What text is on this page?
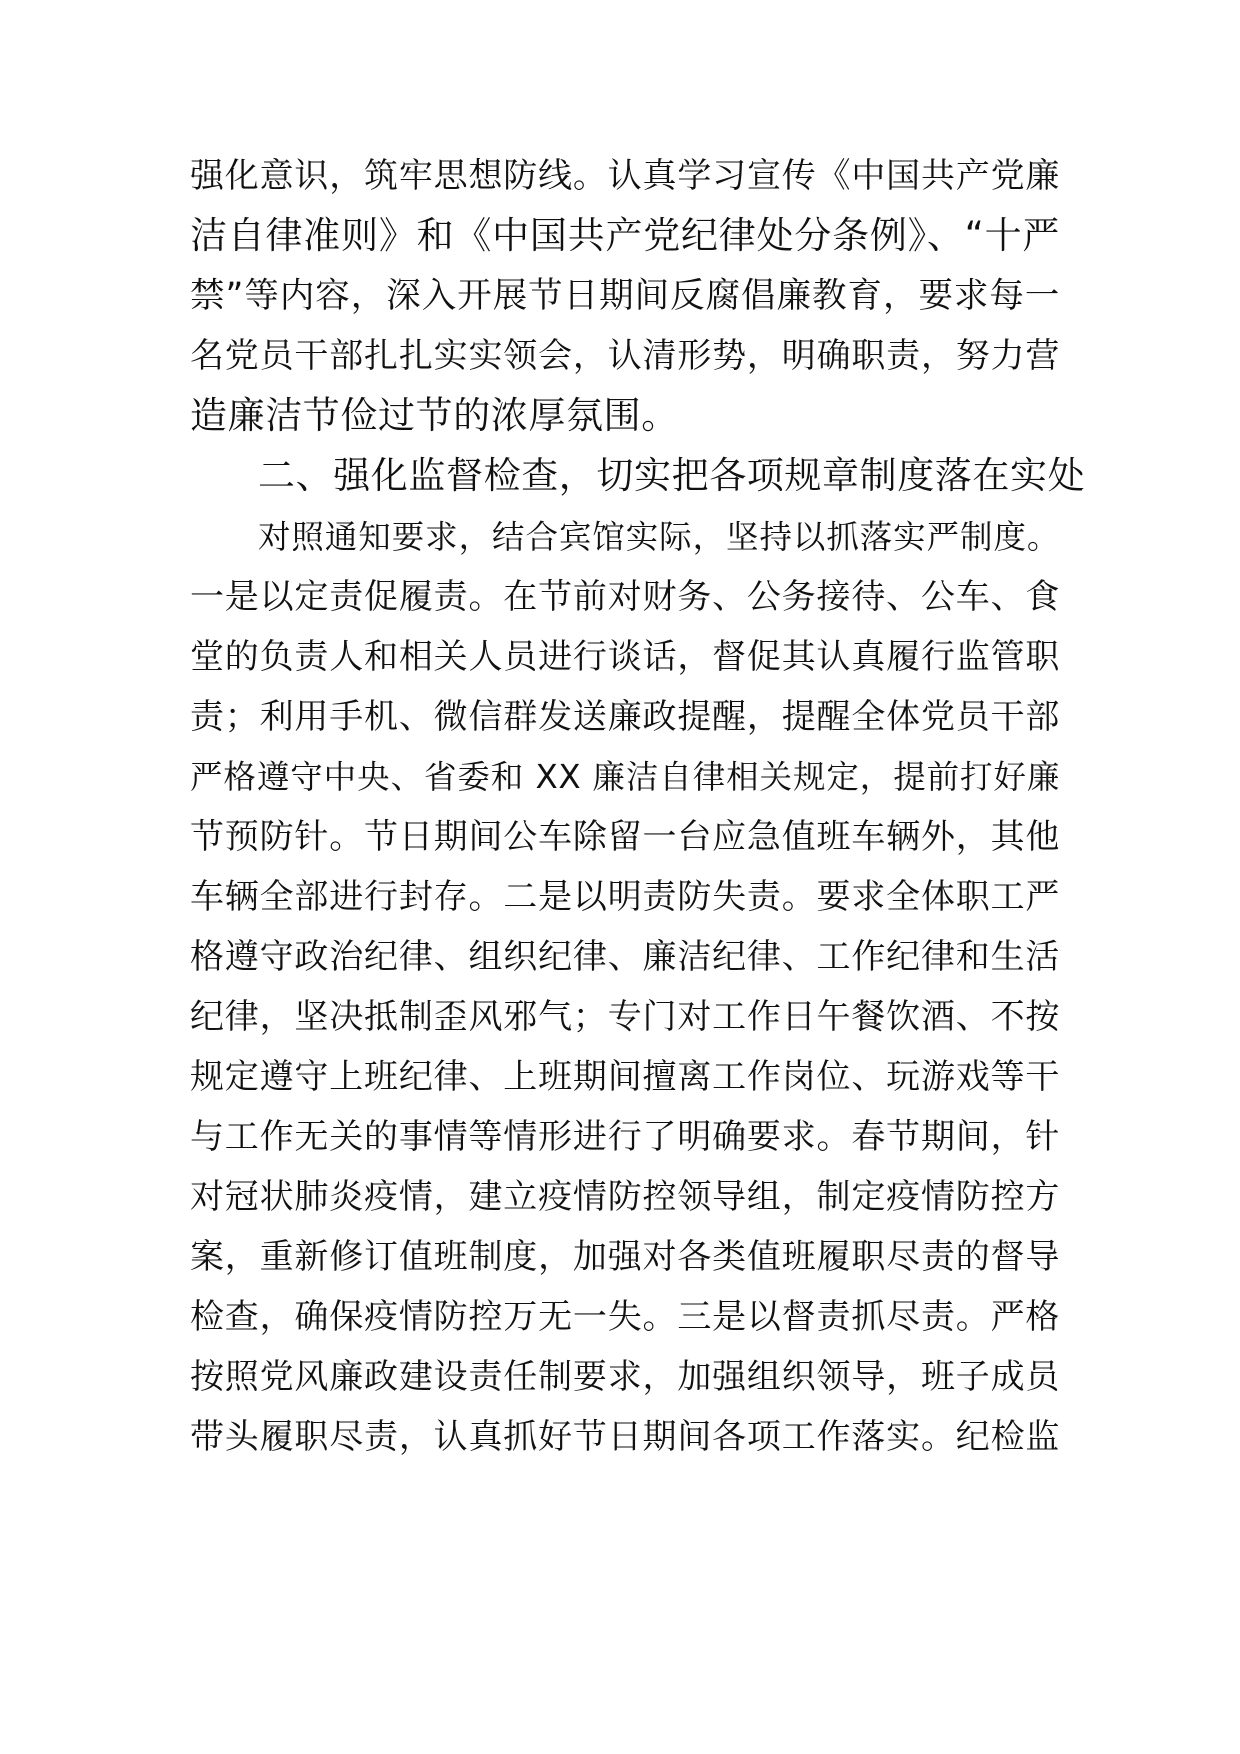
强化意识，筑牢思想防线。认真学习宣传《中国共产党廉
洁自律准则》和《中国共产党纪律处分条例》、“十严
禁”等内容，深入开展节日期间反腐倡廉教育，要求每一
名党员干部扎扎实实领会，认清形势，明确职责，努力营
造廉洁节俭过节的浓厚氛围。
二、强化监督检查，切实把各项规章制度落在实处
对照通知要求，结合宾馆实际，坚持以抓落实严制度。
一是以定责促履责。在节前对财务、公务接待、公车、食
堂的负责人和相关人员进行谈话，督促其认真履行监管职
责；利用手机、微信群发送廉政提醒，提醒全体党员干部
严格遵守中央、省委和 XX 廉洁自律相关规定，提前打好廉
节预防针。节日期间公车除留一台应急值班车辆外，其他
车辆全部进行封存。二是以明责防失责。要求全体职工严
格遵守政治纪律、组织纪律、廉洁纪律、工作纪律和生活
纪律，坚决抵制歪风邪气；专门对工作日午餐饮酒、不按
规定遵守上班纪律、上班期间擅离工作岗位、玩游戏等干
与工作无关的事情等情形进行了明确要求。春节期间，针
对冠状肺炎疫情，建立疫情防控领导组，制定疫情防控方
案，重新修订值班制度，加强对各类值班履职尽责的督导
检查，确保疫情防控万无一失。三是以督责抓尽责。严格
按照党风廉政建设责任制要求，加强组织领导，班子成员
带头履职尽责，认真抓好节日期间各项工作落实。纪检监
